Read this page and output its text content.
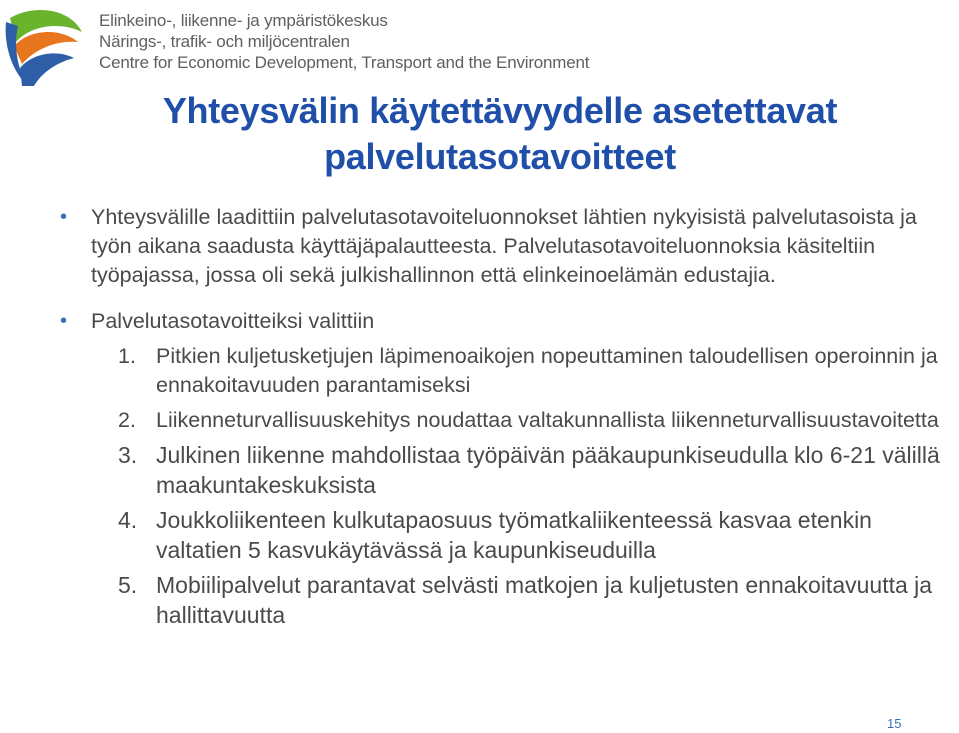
Elinkeino-, liikenne- ja ympäristökeskus
Närings-, trafik- och miljöcentralen
Centre for Economic Development, Transport and the Environment
Yhteysvälin käytettävyydelle asetettavat
palvelutasotavoitteet
• Yhteysvälille laadittiin palvelutasotavoiteluonnokset lähtien nykyisistä palvelutasoista ja työn aikana saadusta käyttäjäpalautteesta. Palvelutasotavoiteluonnoksia käsiteltiin työpajassa, jossa oli sekä julkishallinnon että elinkeinoelämän edustajia.
• Palvelutasotavoitteiksi valittiin
1. Pitkien kuljetusketjujen läpimenoaikojen nopeuttaminen taloudellisen operoinnin ja ennakoitavuuden parantamiseksi
2. Liikenneturvallisuuskehitys noudattaa valtakunnallista liikenneturvallisuustavoitetta
3. Julkinen liikenne mahdollistaa työpäivän pääkaupunkiseudulla klo 6-21 välillä maakuntakeskuksista
4. Joukkoliikenteen kulkutapaosuus työmatkaliikenteessä kasvaa etenkin valtatien 5 kasvukäytävässä ja kaupunkiseuduilla
5. Mobiilipalvelut parantavat selvästi matkojen ja kuljetusten ennakoitavuutta ja hallittavuutta
15
